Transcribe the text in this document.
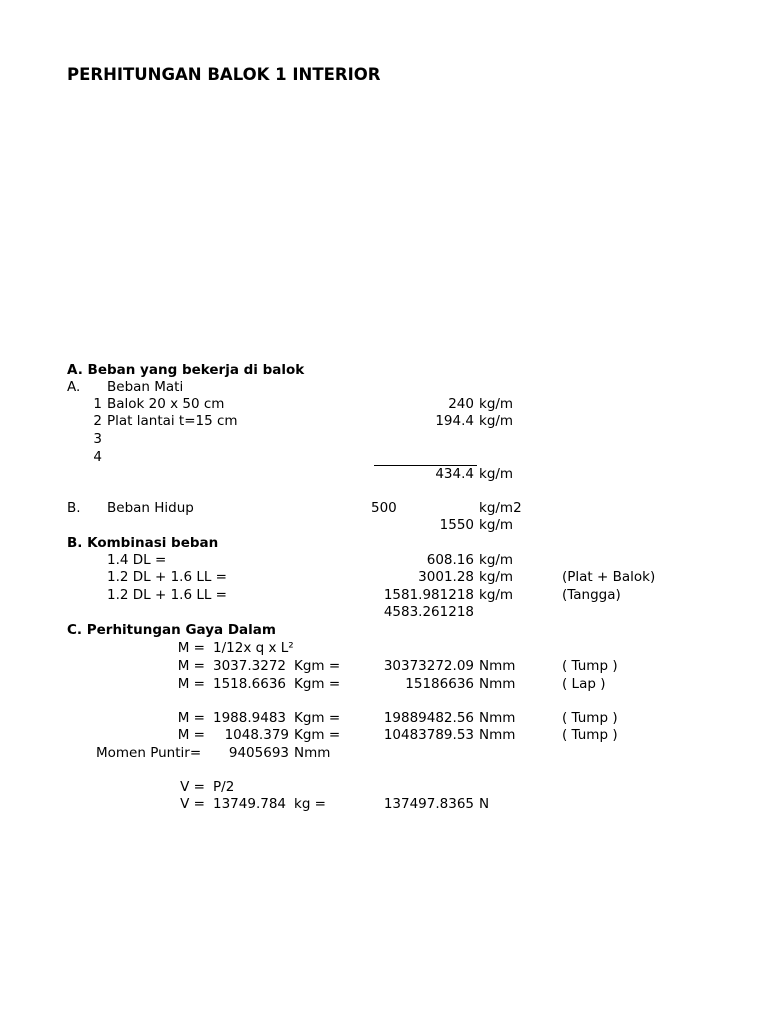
PERHITUNGAN BALOK 1 INTERIOR
A. Beban yang bekerja di balok
A. Beban Mati
1 Balok 20 x 50 cm	240 kg/m
2 Plat lantai t=15 cm	194.4 kg/m
3
4
434.4 kg/m
B. Beban Hidup	500	kg/m2
1550 kg/m
B. Kombinasi beban
1.4 DL =	608.16 kg/m
1.2 DL + 1.6 LL =	3001.28 kg/m	(Plat + Balok)
1.2 DL + 1.6 LL =	1581.981218 kg/m	(Tangga)
4583.261218
C. Perhitungan Gaya Dalam
M = 1/12x q x L²
M = 3037.3272 Kgm =	30373272.09 Nmm	( Tump )
M = 1518.6636 Kgm =	15186636 Nmm	( Lap )
M = 1988.9483 Kgm =	19889482.56 Nmm	( Tump )
M =	1048.379 Kgm =	10483789.53 Nmm	( Tump )
Momen Puntir=	9405693 Nmm
V = P/2
V = 13749.784 kg =	137497.8365 N
